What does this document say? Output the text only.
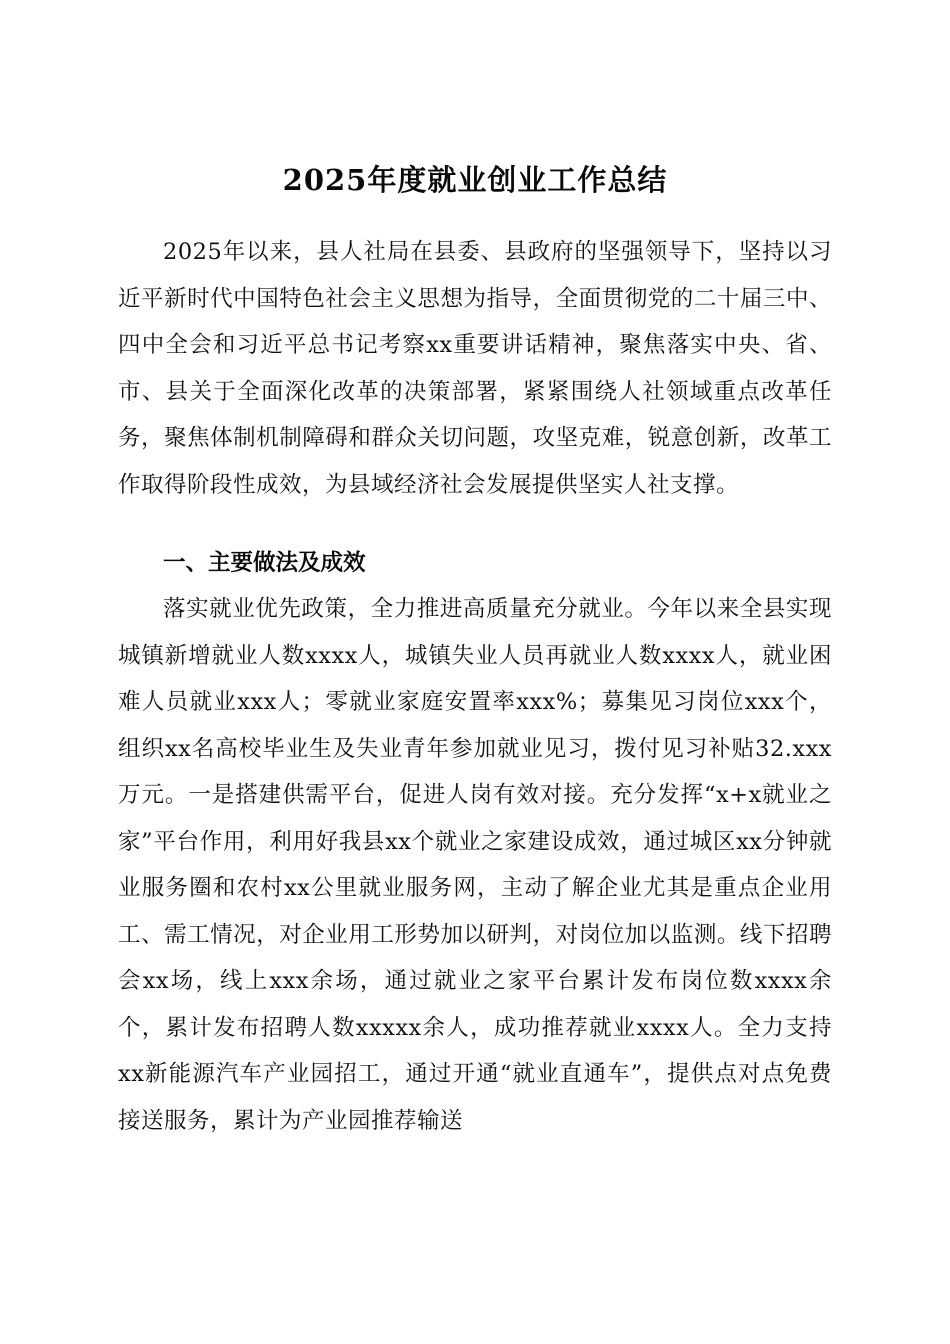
2025年度就业创业工作总结

2025年以来，县人社局在县委、县政府的坚强领导下，坚持以习近平新时代中国特色社会主义思想为指导，全面贯彻党的二十届三中、四中全会和习近平总书记考察xx重要讲话精神，聚焦落实中央、省、市、县关于全面深化改革的决策部署，紧紧围绕人社领域重点改革任务，聚焦体制机制障碍和群众关切问题，攻坚克难，锐意创新，改革工作取得阶段性成效，为县域经济社会发展提供坚实人社支撑。

一、主要做法及成效

落实就业优先政策，全力推进高质量充分就业。今年以来全县实现城镇新增就业人数xxxx人，城镇失业人员再就业人数xxxx人，就业困难人员就业xxx人；零就业家庭安置率xxx%；募集见习岗位xxx个，组织xx名高校毕业生及失业青年参加就业见习，拨付见习补贴32.xxx万元。一是搭建供需平台，促进人岗有效对接。充分发挥“x+x就业之家”平台作用，利用好我县xx个就业之家建设成效，通过城区xx分钟就业服务圈和农村xx公里就业服务网，主动了解企业尤其是重点企业用工、需工情况，对企业用工形势加以研判，对岗位加以监测。线下招聘会xx场，线上xxx余场，通过就业之家平台累计发布岗位数xxxx余个，累计发布招聘人数xxxxx余人，成功推荐就业xxxx人。全力支持xx新能源汽车产业园招工，通过开通“就业直通车”，提供点对点免费接送服务，累计为产业园推荐输送
